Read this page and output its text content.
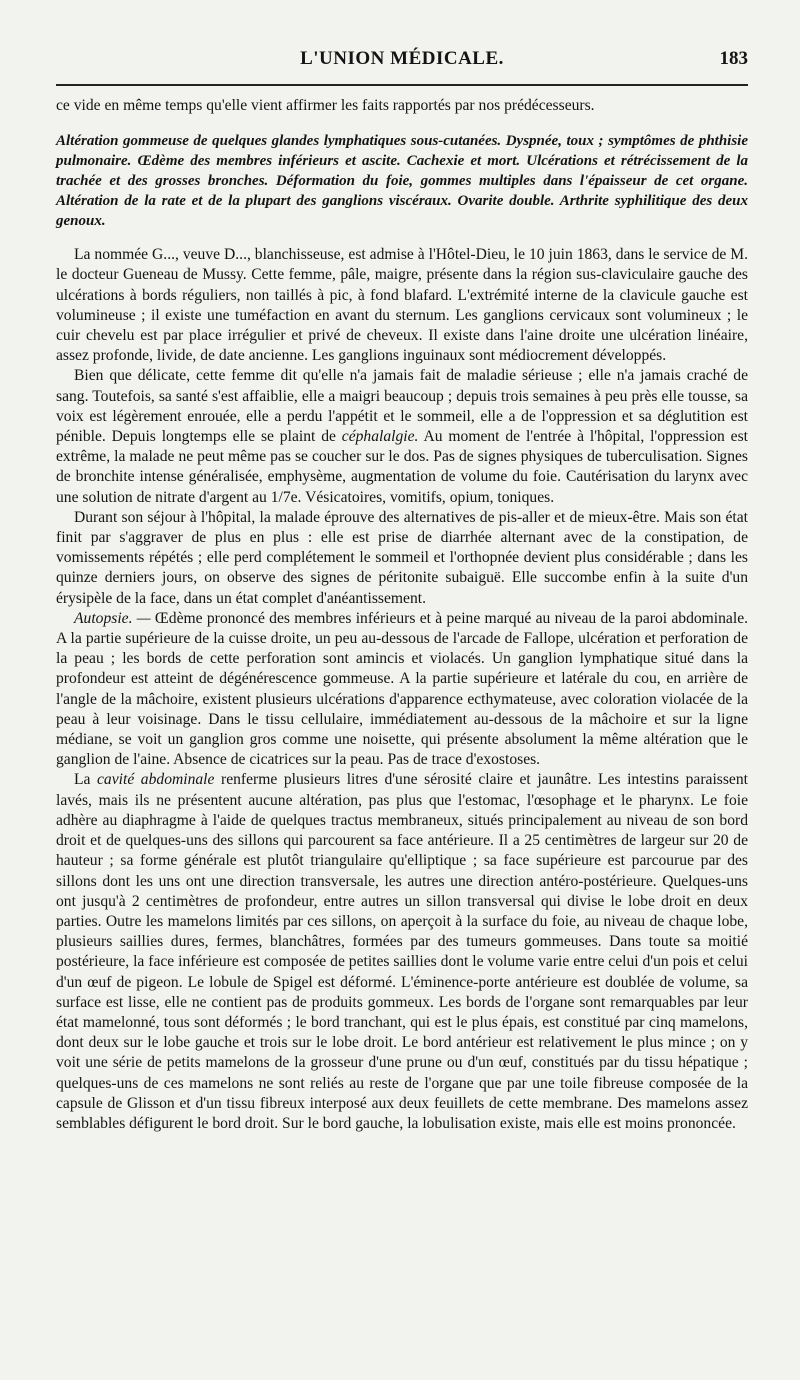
L'UNION MÉDICALE.	183

ce vide en même temps qu'elle vient affirmer les faits rapportés par nos prédécesseurs.

Altération gommeuse de quelques glandes lymphatiques sous-cutanées. Dyspnée, toux ; symptômes de phthisie pulmonaire. Œdème des membres inférieurs et ascite. Cachexie et mort. Ulcérations et rétrécissement de la trachée et des grosses bronches. Déformation du foie, gommes multiples dans l'épaisseur de cet organe. Altération de la rate et de la plupart des ganglions viscéraux. Ovarite double. Arthrite syphilitique des deux genoux.

La nommée G..., veuve D..., blanchisseuse, est admise à l'Hôtel-Dieu, le 10 juin 1863, dans le service de M. le docteur Gueneau de Mussy. Cette femme, pâle, maigre, présente dans la région sus-claviculaire gauche des ulcérations à bords réguliers, non taillés à pic, à fond blafard. L'extrémité interne de la clavicule gauche est volumineuse ; il existe une tuméfaction en avant du sternum. Les ganglions cervicaux sont volumineux ; le cuir chevelu est par place irrégulier et privé de cheveux. Il existe dans l'aine droite une ulcération linéaire, assez profonde, livide, de date ancienne. Les ganglions inguinaux sont médiocrement développés.

Bien que délicate, cette femme dit qu'elle n'a jamais fait de maladie sérieuse ; elle n'a jamais craché de sang. Toutefois, sa santé s'est affaiblie, elle a maigri beaucoup ; depuis trois semaines à peu près elle tousse, sa voix est légèrement enrouée, elle a perdu l'appétit et le sommeil, elle a de l'oppression et sa déglutition est pénible. Depuis longtemps elle se plaint de céphalalgie. Au moment de l'entrée à l'hôpital, l'oppression est extrême, la malade ne peut même pas se coucher sur le dos. Pas de signes physiques de tuberculisation. Signes de bronchite intense généralisée, emphysème, augmentation de volume du foie. Cautérisation du larynx avec une solution de nitrate d'argent au 1/7e. Vésicatoires, vomitifs, opium, toniques.

Durant son séjour à l'hôpital, la malade éprouve des alternatives de pis-aller et de mieux-être. Mais son état finit par s'aggraver de plus en plus : elle est prise de diarrhée alternant avec de la constipation, de vomissements répétés ; elle perd complétement le sommeil et l'orthopnée devient plus considérable ; dans les quinze derniers jours, on observe des signes de péritonite subaiguë. Elle succombe enfin à la suite d'un érysipèle de la face, dans un état complet d'anéantissement.

Autopsie. — Œdème prononcé des membres inférieurs et à peine marqué au niveau de la paroi abdominale. A la partie supérieure de la cuisse droite, un peu au-dessous de l'arcade de Fallope, ulcération et perforation de la peau ; les bords de cette perforation sont amincis et violacés. Un ganglion lymphatique situé dans la profondeur est atteint de dégénérescence gommeuse. A la partie supérieure et latérale du cou, en arrière de l'angle de la mâchoire, existent plusieurs ulcérations d'apparence ecthymateuse, avec coloration violacée de la peau à leur voisinage. Dans le tissu cellulaire, immédiatement au-dessous de la mâchoire et sur la ligne médiane, se voit un ganglion gros comme une noisette, qui présente absolument la même altération que le ganglion de l'aine. Absence de cicatrices sur la peau. Pas de trace d'exostoses.

La cavité abdominale renferme plusieurs litres d'une sérosité claire et jaunâtre. Les intestins paraissent lavés, mais ils ne présentent aucune altération, pas plus que l'estomac, l'œsophage et le pharynx. Le foie adhère au diaphragme à l'aide de quelques tractus membraneux, situés principalement au niveau de son bord droit et de quelques-uns des sillons qui parcourent sa face antérieure. Il a 25 centimètres de largeur sur 20 de hauteur ; sa forme générale est plutôt triangulaire qu'elliptique ; sa face supérieure est parcourue par des sillons dont les uns ont une direction transversale, les autres une direction antéro-postérieure. Quelques-uns ont jusqu'à 2 centimètres de profondeur, entre autres un sillon transversal qui divise le lobe droit en deux parties. Outre les mamelons limités par ces sillons, on aperçoit à la surface du foie, au niveau de chaque lobe, plusieurs saillies dures, fermes, blanchâtres, formées par des tumeurs gommeuses. Dans toute sa moitié postérieure, la face inférieure est composée de petites saillies dont le volume varie entre celui d'un pois et celui d'un œuf de pigeon. Le lobule de Spigel est déformé. L'éminence-porte antérieure est doublée de volume, sa surface est lisse, elle ne contient pas de produits gommeux. Les bords de l'organe sont remarquables par leur état mamelonné, tous sont déformés ; le bord tranchant, qui est le plus épais, est constitué par cinq mamelons, dont deux sur le lobe gauche et trois sur le lobe droit. Le bord antérieur est relativement le plus mince ; on y voit une série de petits mamelons de la grosseur d'une prune ou d'un œuf, constitués par du tissu hépatique ; quelques-uns de ces mamelons ne sont reliés au reste de l'organe que par une toile fibreuse composée de la capsule de Glisson et d'un tissu fibreux interposé aux deux feuillets de cette membrane. Des mamelons assez semblables défigurent le bord droit. Sur le bord gauche, la lobulisation existe, mais elle est moins prononcée.
